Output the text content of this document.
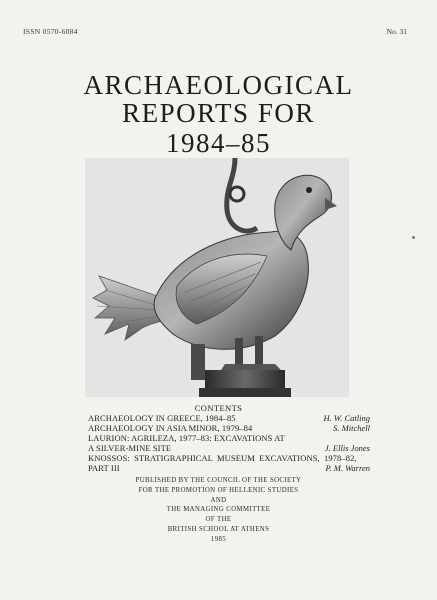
ISSN 0570-6084	No. 31
ARCHAEOLOGICAL
REPORTS FOR
1984–85
CONTENTS
ARCHAEOLOGY IN GREECE, 1984–85	H. W. Catling
ARCHAEOLOGY IN ASIA MINOR, 1979–84	S. Mitchell
LAURION: AGRILEZA, 1977–83: EXCAVATIONS AT
A SILVER-MINE SITE	J. Ellis Jones
KNOSSOS: STRATIGRAPHICAL MUSEUM EXCAVATIONS, 1978–82,
PART III	P. M. Warren
PUBLISHED BY THE COUNCIL OF THE SOCIETY
FOR THE PROMOTION OF HELLENIC STUDIES
AND
THE MANAGING COMMITTEE
OF THE
BRITISH SCHOOL AT ATHENS
1985
